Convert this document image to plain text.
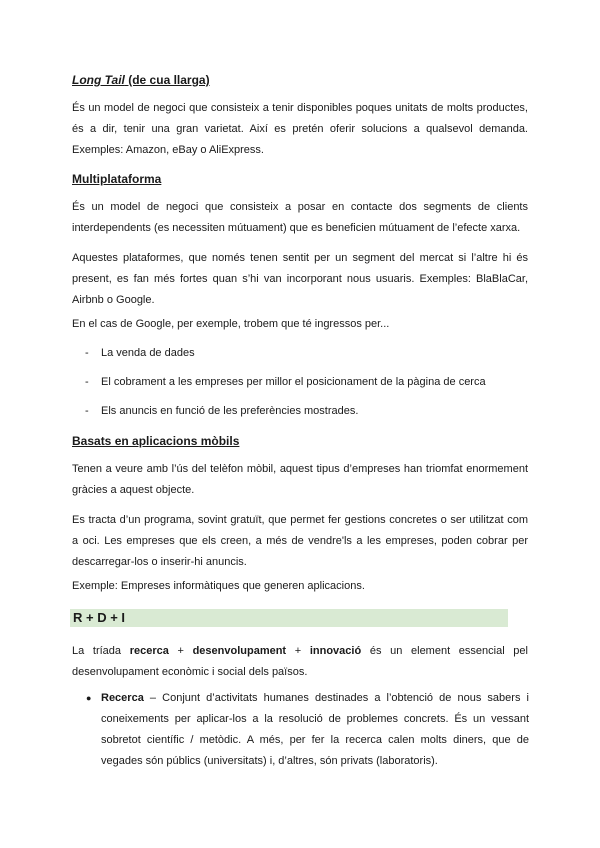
Long Tail (de cua llarga)

És un model de negoci que consisteix a tenir disponibles poques unitats de molts productes, és a dir, tenir una gran varietat. Així es pretén oferir solucions a qualsevol demanda. Exemples: Amazon, eBay o AliExpress.

Multiplataforma

És un model de negoci que consisteix a posar en contacte dos segments de clients interdependents (es necessiten mútuament) que es beneficien mútuament de l’efecte xarxa.

Aquestes plataformes, que només tenen sentit per un segment del mercat si l’altre hi és present, es fan més fortes quan s’hi van incorporant nous usuaris. Exemples: BlaBlaCar, Airbnb o Google.

En el cas de Google, per exemple, trobem que té ingressos per...

- La venda de dades
- El cobrament a les empreses per millor el posicionament de la pàgina de cerca
- Els anuncis en funció de les preferències mostrades.

Basats en aplicacions mòbils

Tenen a veure amb l’ús del telèfon mòbil, aquest tipus d’empreses han triomfat enormement gràcies a aquest objecte.

Es tracta d’un programa, sovint gratuït, que permet fer gestions concretes o ser utilitzat com a oci. Les empreses que els creen, a més de vendre'ls a les empreses, poden cobrar per descarregar-los o inserir-hi anuncis.

Exemple: Empreses informàtiques que generen aplicacions.

R + D + I

La tríada recerca + desenvolupament + innovació és un element essencial pel desenvolupament econòmic i social dels països.

● Recerca – Conjunt d’activitats humanes destinades a l’obtenció de nous sabers i coneixements per aplicar-los a la resolució de problemes concrets. És un vessant sobretot científic / metòdic. A més, per fer la recerca calen molts diners, que de vegades són públics (universitats) i, d’altres, són privats (laboratoris).
